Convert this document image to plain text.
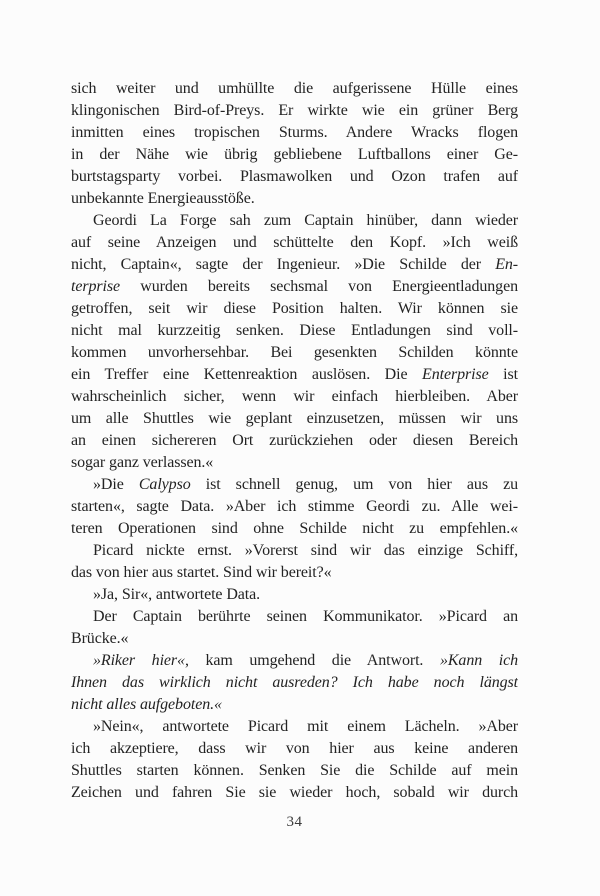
sich weiter und umhüllte die aufgerissene Hülle eines
klingonischen Bird-of-Preys. Er wirkte wie ein grüner Berg
inmitten eines tropischen Sturms. Andere Wracks flogen
in der Nähe wie übrig gebliebene Luftballons einer Ge-
burtstagsparty vorbei. Plasmawolken und Ozon trafen auf
unbekannte Energieausstöße.
Geordi La Forge sah zum Captain hinüber, dann wieder
auf seine Anzeigen und schüttelte den Kopf. »Ich weiß
nicht, Captain«, sagte der Ingenieur. »Die Schilde der En-
terprise wurden bereits sechsmal von Energieentladungen
getroffen, seit wir diese Position halten. Wir können sie
nicht mal kurzzeitig senken. Diese Entladungen sind voll-
kommen unvorhersehbar. Bei gesenkten Schilden könnte
ein Treffer eine Kettenreaktion auslösen. Die Enterprise ist
wahrscheinlich sicher, wenn wir einfach hierbleiben. Aber
um alle Shuttles wie geplant einzusetzen, müssen wir uns
an einen sichereren Ort zurückziehen oder diesen Bereich
sogar ganz verlassen.«
»Die Calypso ist schnell genug, um von hier aus zu
starten«, sagte Data. »Aber ich stimme Geordi zu. Alle wei-
teren Operationen sind ohne Schilde nicht zu empfehlen.«
Picard nickte ernst. »Vorerst sind wir das einzige Schiff,
das von hier aus startet. Sind wir bereit?«
»Ja, Sir«, antwortete Data.
Der Captain berührte seinen Kommunikator. »Picard an
Brücke.«
»Riker hier«, kam umgehend die Antwort. »Kann ich
Ihnen das wirklich nicht ausreden? Ich habe noch längst
nicht alles aufgeboten.«
»Nein«, antwortete Picard mit einem Lächeln. »Aber
ich akzeptiere, dass wir von hier aus keine anderen
Shuttles starten können. Senken Sie die Schilde auf mein
Zeichen und fahren Sie sie wieder hoch, sobald wir durch
34
